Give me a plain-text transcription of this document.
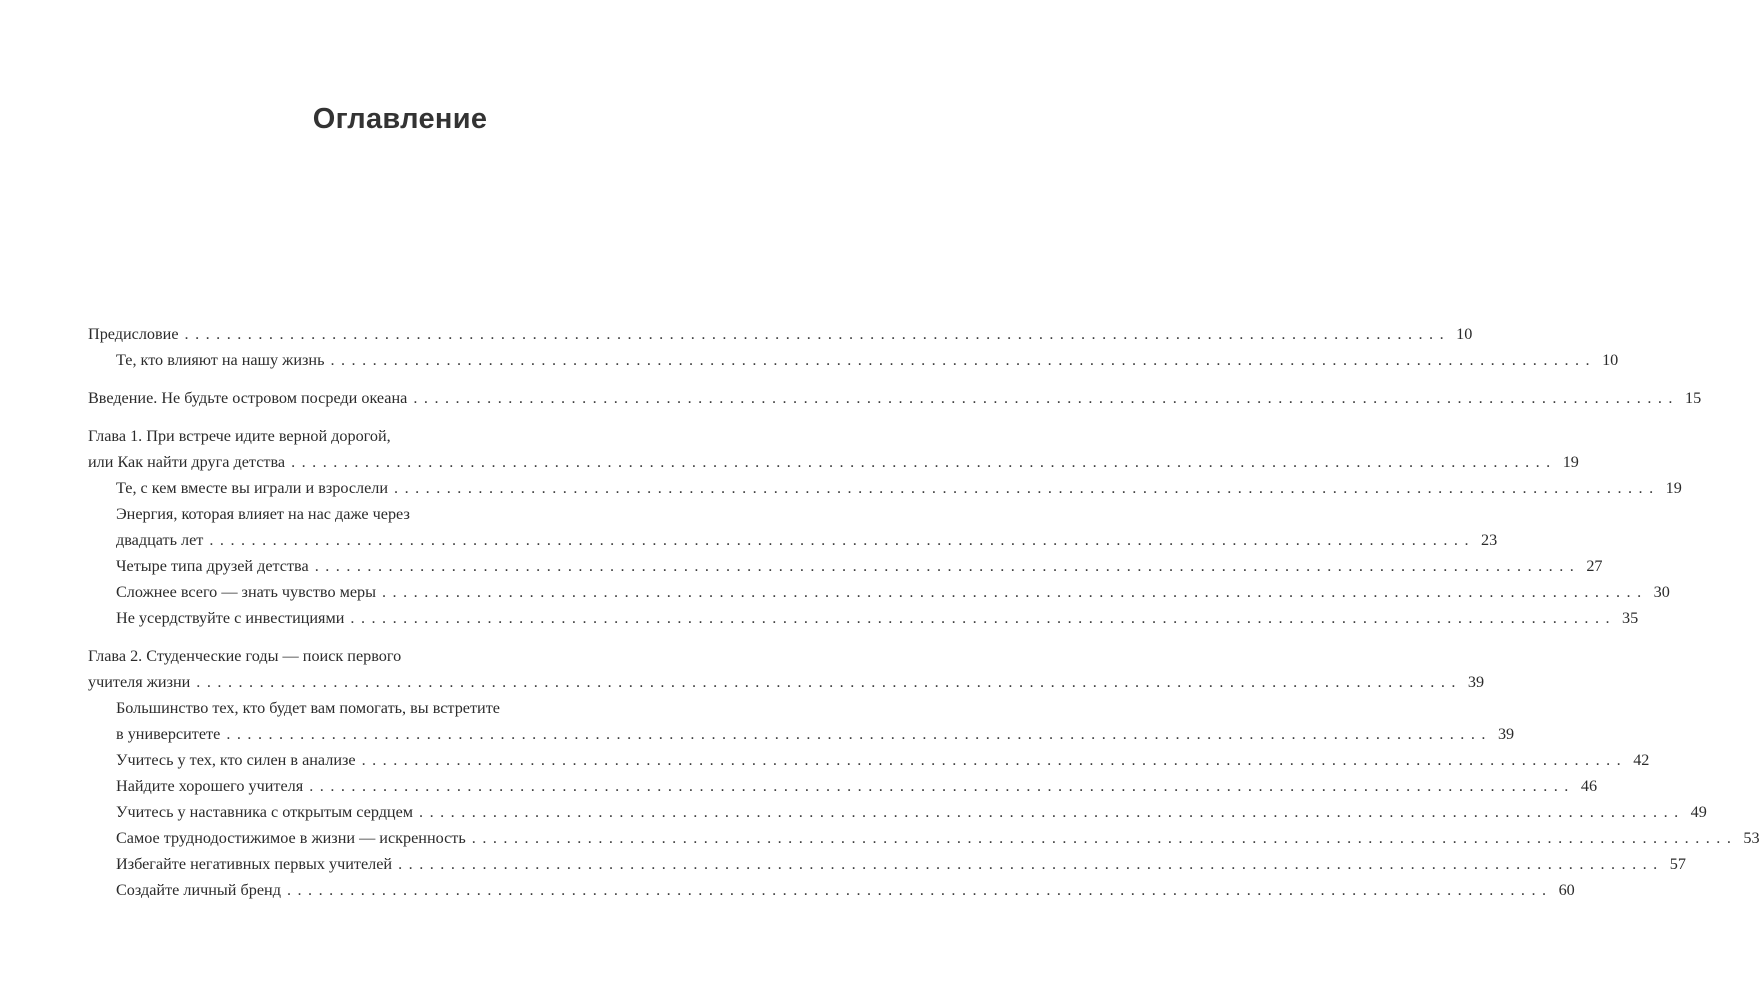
Оглавление
Предисловие ........................................................................................................................ 10
Те, кто влияют на нашу жизнь ........................................................................................................................ 10
Введение. Не будьте островом посреди океана ........................................................................................................................ 15
Глава 1. При встрече идите верной дорогой,
или Как найти друга детства ........................................................................................................................ 19
Те, с кем вместе вы играли и взрослели ........................................................................................................................ 19
Энергия, которая влияет на нас даже через
двадцать лет ........................................................................................................................ 23
Четыре типа друзей детства ........................................................................................................................ 27
Сложнее всего — знать чувство меры ........................................................................................................................ 30
Не усердствуйте с инвестициями ........................................................................................................................ 35
Глава 2. Студенческие годы — поиск первого
учителя жизни ........................................................................................................................ 39
Большинство тех, кто будет вам помогать, вы встретите
в университете ........................................................................................................................ 39
Учитесь у тех, кто силен в анализе ........................................................................................................................ 42
Найдите хорошего учителя ........................................................................................................................ 46
Учитесь у наставника с открытым сердцем ........................................................................................................................ 49
Самое труднодостижимое в жизни — искренность ........................................................................................................................ 53
Избегайте негативных первых учителей ........................................................................................................................ 57
Создайте личный бренд ........................................................................................................................ 60
